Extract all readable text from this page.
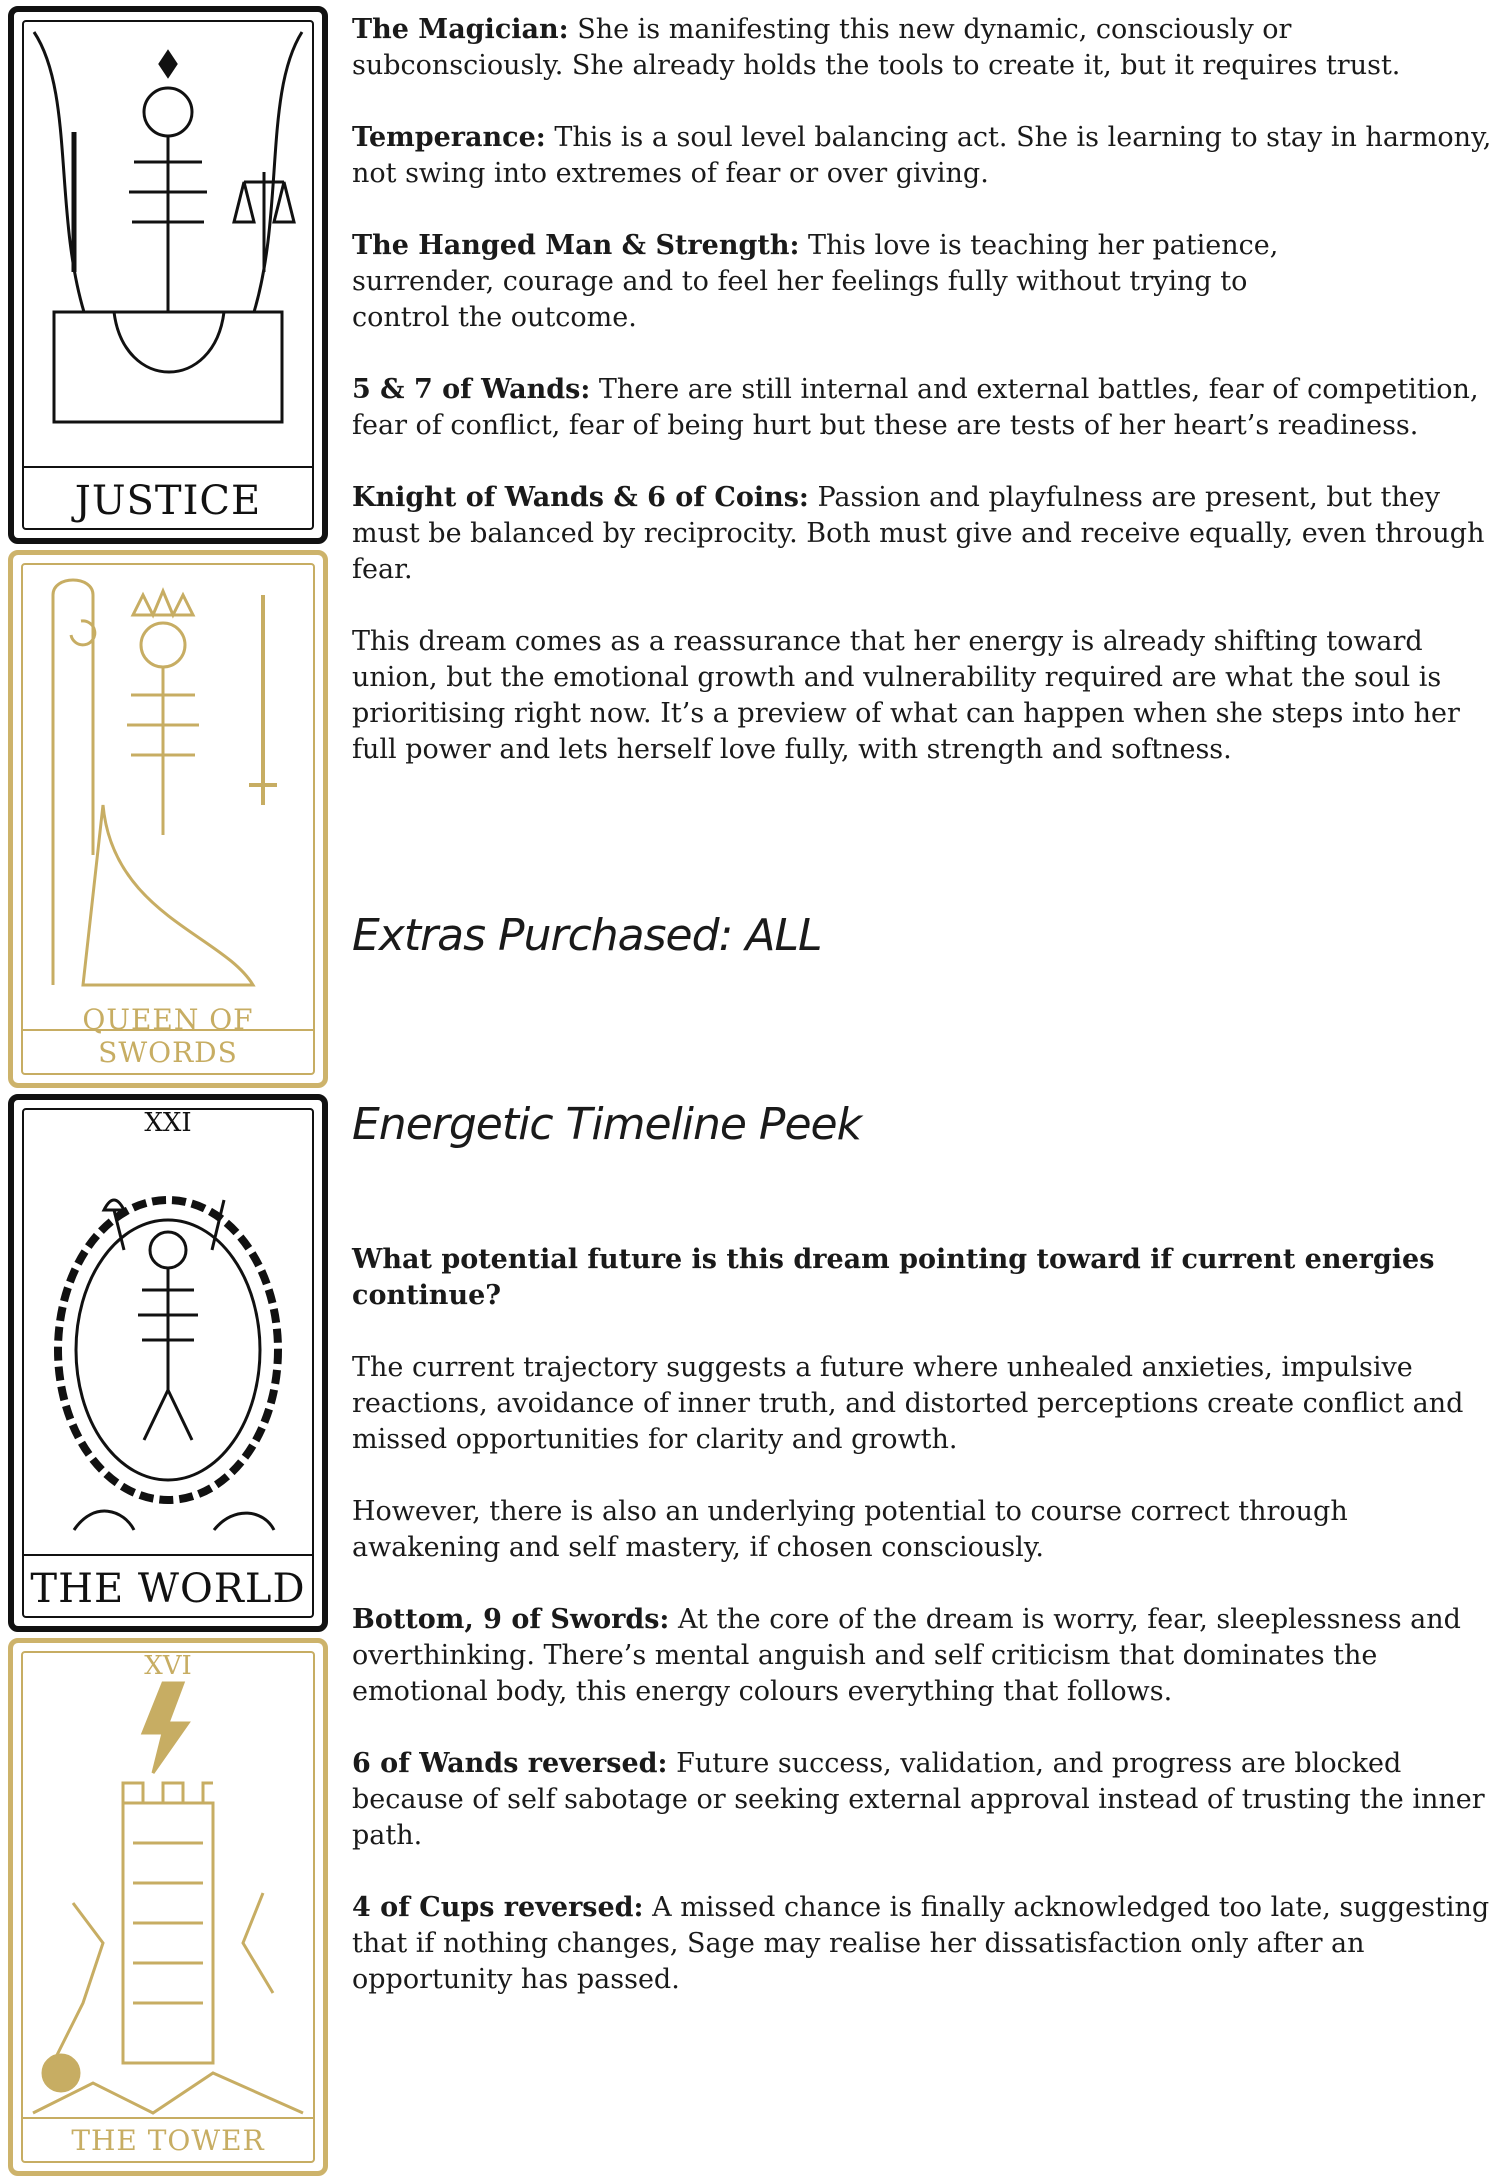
JUSTICE
QUEEN OF SWORDS
XXI
THE WORLD
XVI
THE TOWER

The Magician: She is manifesting this new dynamic, consciously or subconsciously. She already holds the tools to create it, but it requires trust.

Temperance: This is a soul level balancing act. She is learning to stay in harmony, not swing into extremes of fear or over giving.

The Hanged Man & Strength: This love is teaching her patience, surrender, courage and to feel her feelings fully without trying to control the outcome.

5 & 7 of Wands: There are still internal and external battles, fear of competition, fear of conflict, fear of being hurt but these are tests of her heart’s readiness.

Knight of Wands & 6 of Coins: Passion and playfulness are present, but they must be balanced by reciprocity. Both must give and receive equally, even through fear.

This dream comes as a reassurance that her energy is already shifting toward union, but the emotional growth and vulnerability required are what the soul is prioritising right now. It’s a preview of what can happen when she steps into her full power and lets herself love fully, with strength and softness.

Extras Purchased: ALL
Energetic Timeline Peek

What potential future is this dream pointing toward if current energies continue?

The current trajectory suggests a future where unhealed anxieties, impulsive reactions, avoidance of inner truth, and distorted perceptions create conflict and missed opportunities for clarity and growth.

However, there is also an underlying potential to course correct through awakening and self mastery, if chosen consciously.

Bottom, 9 of Swords: At the core of the dream is worry, fear, sleeplessness and overthinking. There’s mental anguish and self criticism that dominates the emotional body, this energy colours everything that follows.

6 of Wands reversed: Future success, validation, and progress are blocked because of self sabotage or seeking external approval instead of trusting the inner path.

4 of Cups reversed: A missed chance is finally acknowledged too late, suggesting that if nothing changes, Sage may realise her dissatisfaction only after an opportunity has passed.
